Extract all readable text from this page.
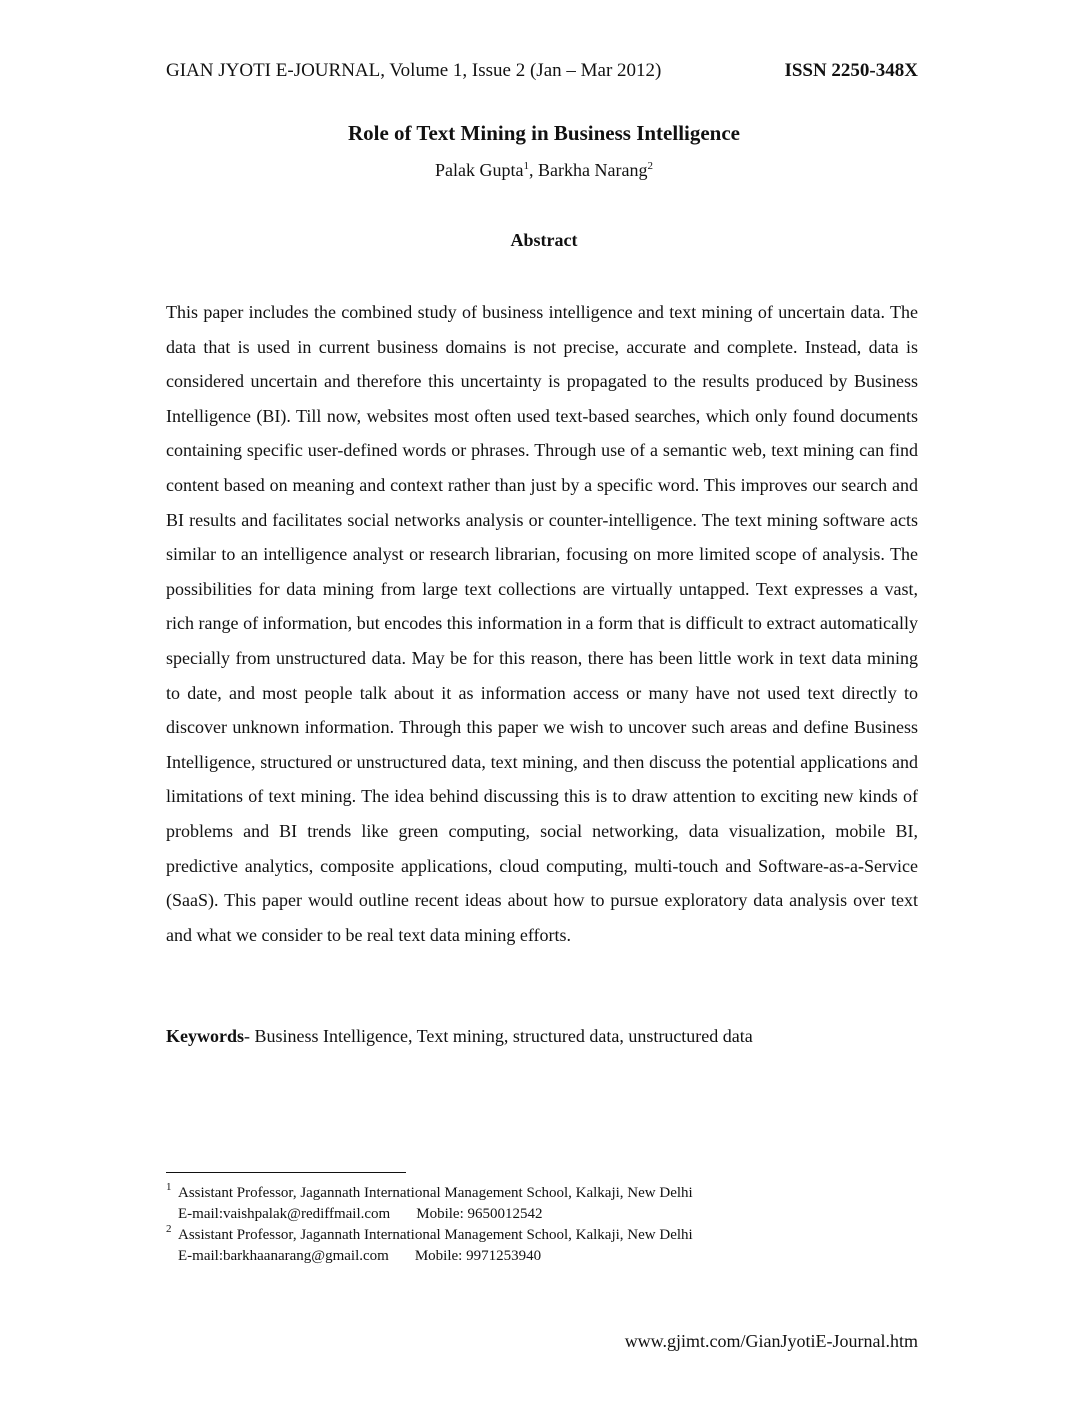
GIAN JYOTI E-JOURNAL, Volume 1, Issue 2 (Jan – Mar 2012)	ISSN 2250-348X
Role of Text Mining in Business Intelligence
Palak Gupta$^1$, Barkha Narang$^2$
Abstract

This paper includes the combined study of business intelligence and text mining of uncertain data. The data that is used in current business domains is not precise, accurate and complete. Instead, data is considered uncertain and therefore this uncertainty is propagated to the results produced by Business Intelligence (BI). Till now, websites most often used text-based searches, which only found documents containing specific user-defined words or phrases. Through use of a semantic web, text mining can find content based on meaning and context rather than just by a specific word. This improves our search and BI results and facilitates social networks analysis or counter-intelligence. The text mining software acts similar to an intelligence analyst or research librarian, focusing on more limited scope of analysis. The possibilities for data mining from large text collections are virtually untapped. Text expresses a vast, rich range of information, but encodes this information in a form that is difficult to extract automatically specially from unstructured data. May be for this reason, there has been little work in text data mining to date, and most people talk about it as information access or many have not used text directly to discover unknown information. Through this paper we wish to uncover such areas and define Business Intelligence, structured or unstructured data, text mining, and then discuss the potential applications and limitations of text mining. The idea behind discussing this is to draw attention to exciting new kinds of problems and BI trends like green computing, social networking, data visualization, mobile BI, predictive analytics, composite applications, cloud computing, multi-touch and Software-as-a-Service (SaaS). This paper would outline recent ideas about how to pursue exploratory data analysis over text and what we consider to be real text data mining efforts.

Keywords- Business Intelligence, Text mining, structured data, unstructured data
1 Assistant Professor, Jagannath International Management School, Kalkaji, New Delhi
E-mail:vaishpalak@rediffmail.com Mobile: 9650012542
2 Assistant Professor, Jagannath International Management School, Kalkaji, New Delhi
E-mail:barkhaanarang@gmail.com Mobile: 9971253940
www.gjimt.com/GianJyotiE-Journal.htm
